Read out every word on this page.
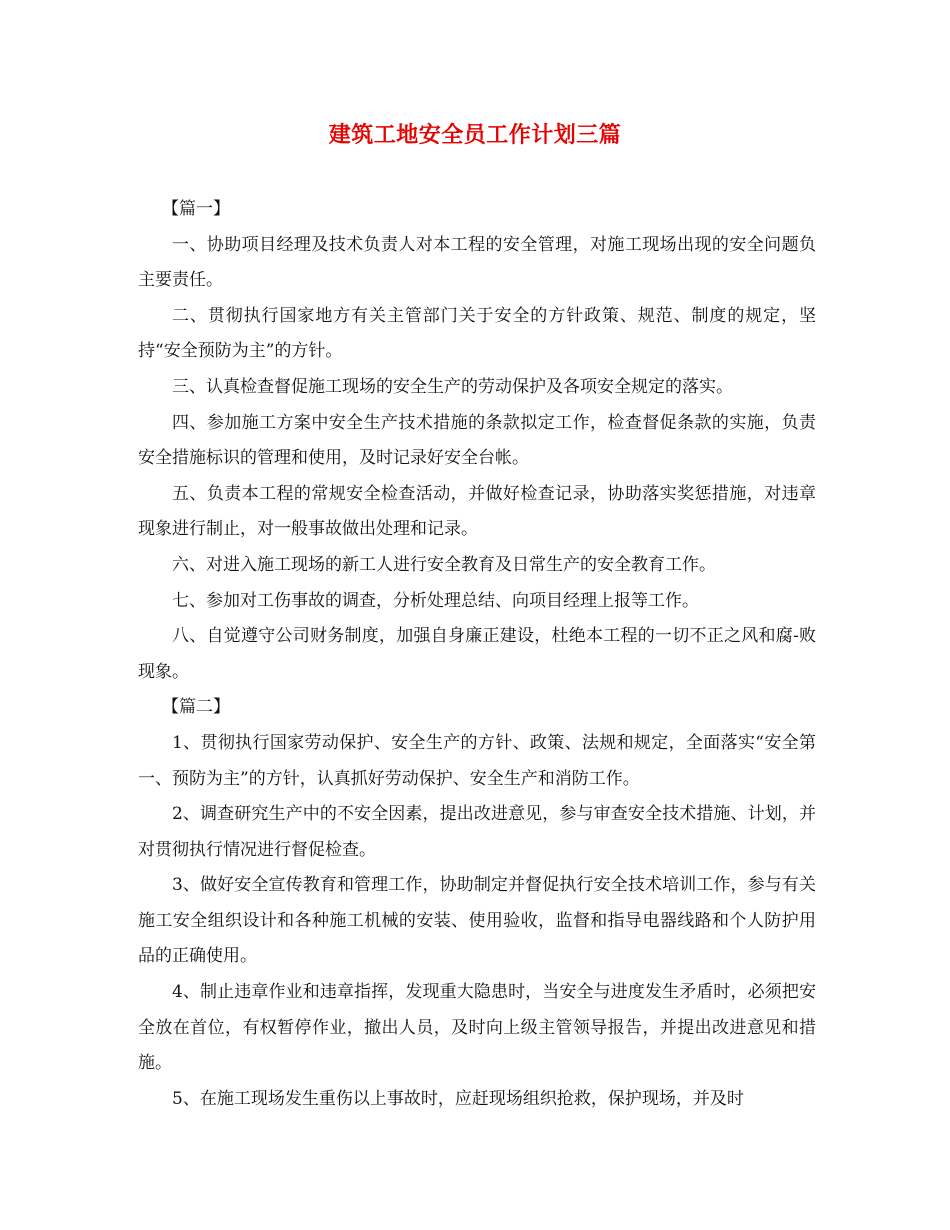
建筑工地安全员工作计划三篇

【篇一】

一、协助项目经理及技术负责人对本工程的安全管理，对施工现场出现的安全问题负主要责任。

二、贯彻执行国家地方有关主管部门关于安全的方针政策、规范、制度的规定，坚持“安全预防为主”的方针。

三、认真检查督促施工现场的安全生产的劳动保护及各项安全规定的落实。

四、参加施工方案中安全生产技术措施的条款拟定工作，检查督促条款的实施，负责安全措施标识的管理和使用，及时记录好安全台帐。

五、负责本工程的常规安全检查活动，并做好检查记录，协助落实奖惩措施，对违章现象进行制止，对一般事故做出处理和记录。

六、对进入施工现场的新工人进行安全教育及日常生产的安全教育工作。

七、参加对工伤事故的调查，分析处理总结、向项目经理上报等工作。

八、自觉遵守公司财务制度，加强自身廉正建设，杜绝本工程的一切不正之风和腐-败现象。

【篇二】

1、贯彻执行国家劳动保护、安全生产的方针、政策、法规和规定，全面落实“安全第一、预防为主”的方针，认真抓好劳动保护、安全生产和消防工作。

2、调查研究生产中的不安全因素，提出改进意见，参与审查安全技术措施、计划，并对贯彻执行情况进行督促检查。

3、做好安全宣传教育和管理工作，协助制定并督促执行安全技术培训工作，参与有关施工安全组织设计和各种施工机械的安装、使用验收，监督和指导电器线路和个人防护用品的正确使用。

4、制止违章作业和违章指挥，发现重大隐患时，当安全与进度发生矛盾时，必须把安全放在首位，有权暂停作业，撤出人员，及时向上级主管领导报告，并提出改进意见和措施。

5、在施工现场发生重伤以上事故时，应赶现场组织抢救，保护现场，并及时
